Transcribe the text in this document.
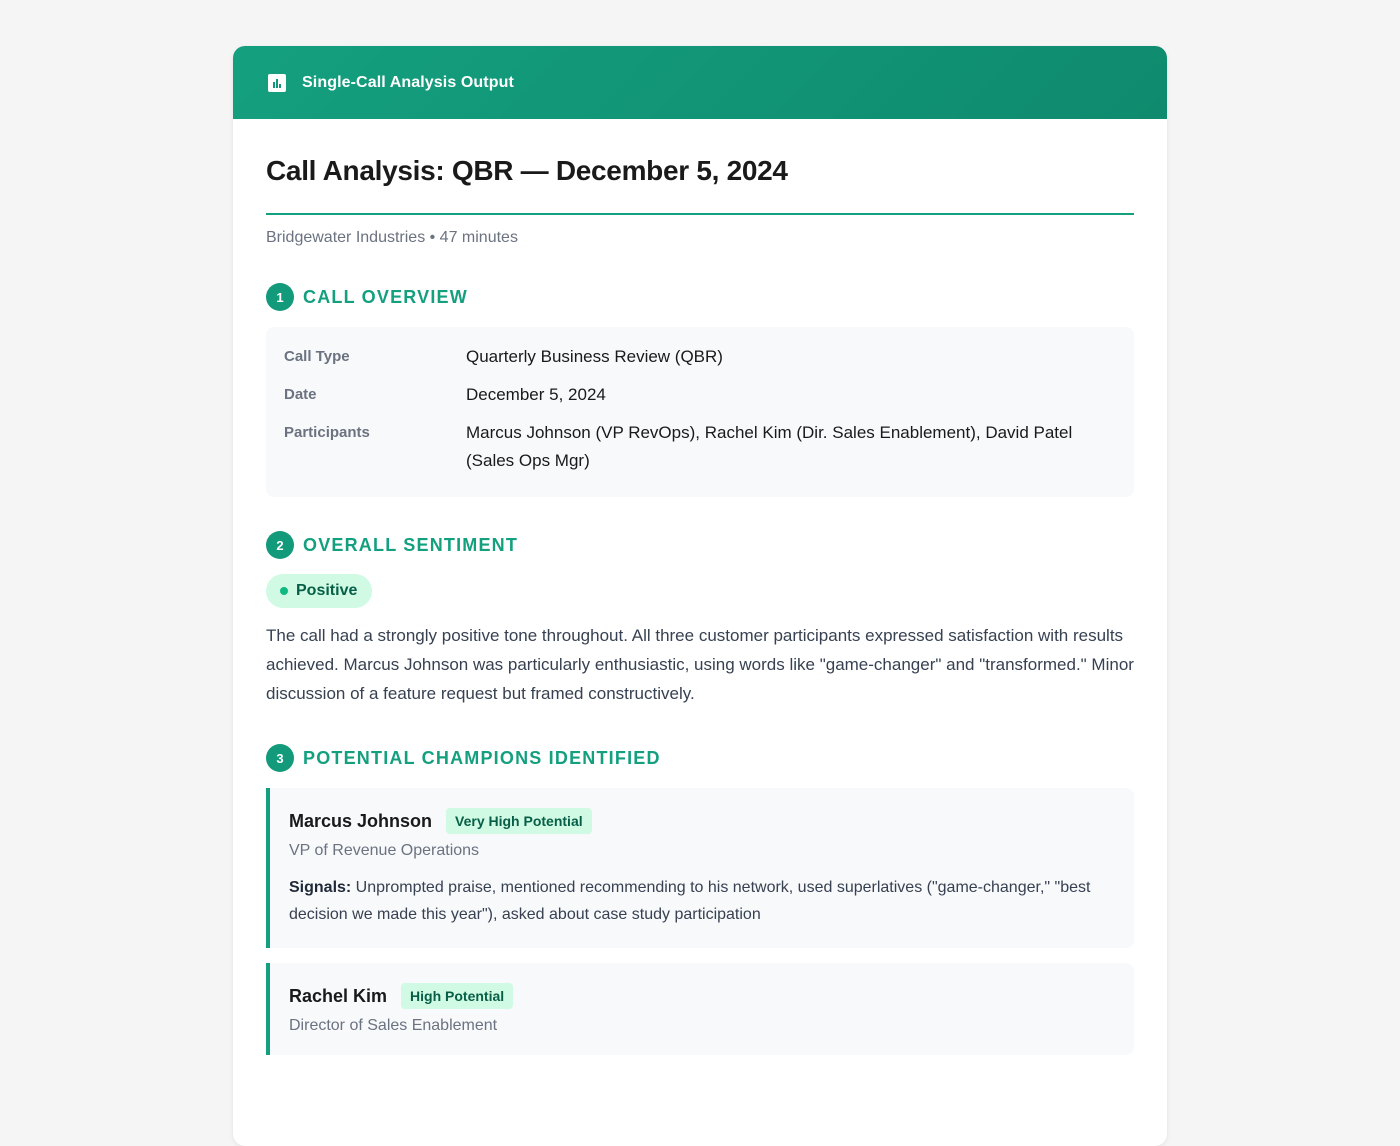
Single-Call Analysis Output
Call Analysis: QBR — December 5, 2024
Bridgewater Industries • 47 minutes
1	CALL OVERVIEW
Call Type	Quarterly Business Review (QBR)
Date	December 5, 2024
Participants	Marcus Johnson (VP RevOps), Rachel Kim (Dir. Sales Enablement), David Patel (Sales Ops Mgr)
2	OVERALL SENTIMENT
Positive

The call had a strongly positive tone throughout. All three customer participants expressed satisfaction with results achieved. Marcus Johnson was particularly enthusiastic, using words like "game-changer" and "transformed." Minor discussion of a feature request but framed constructively.

3	POTENTIAL CHAMPIONS IDENTIFIED
Marcus Johnson	Very High Potential
VP of Revenue Operations
Signals: Unprompted praise, mentioned recommending to his network, used superlatives ("game-changer," "best decision we made this year"), asked about case study participation
Rachel Kim	High Potential
Director of Sales Enablement
